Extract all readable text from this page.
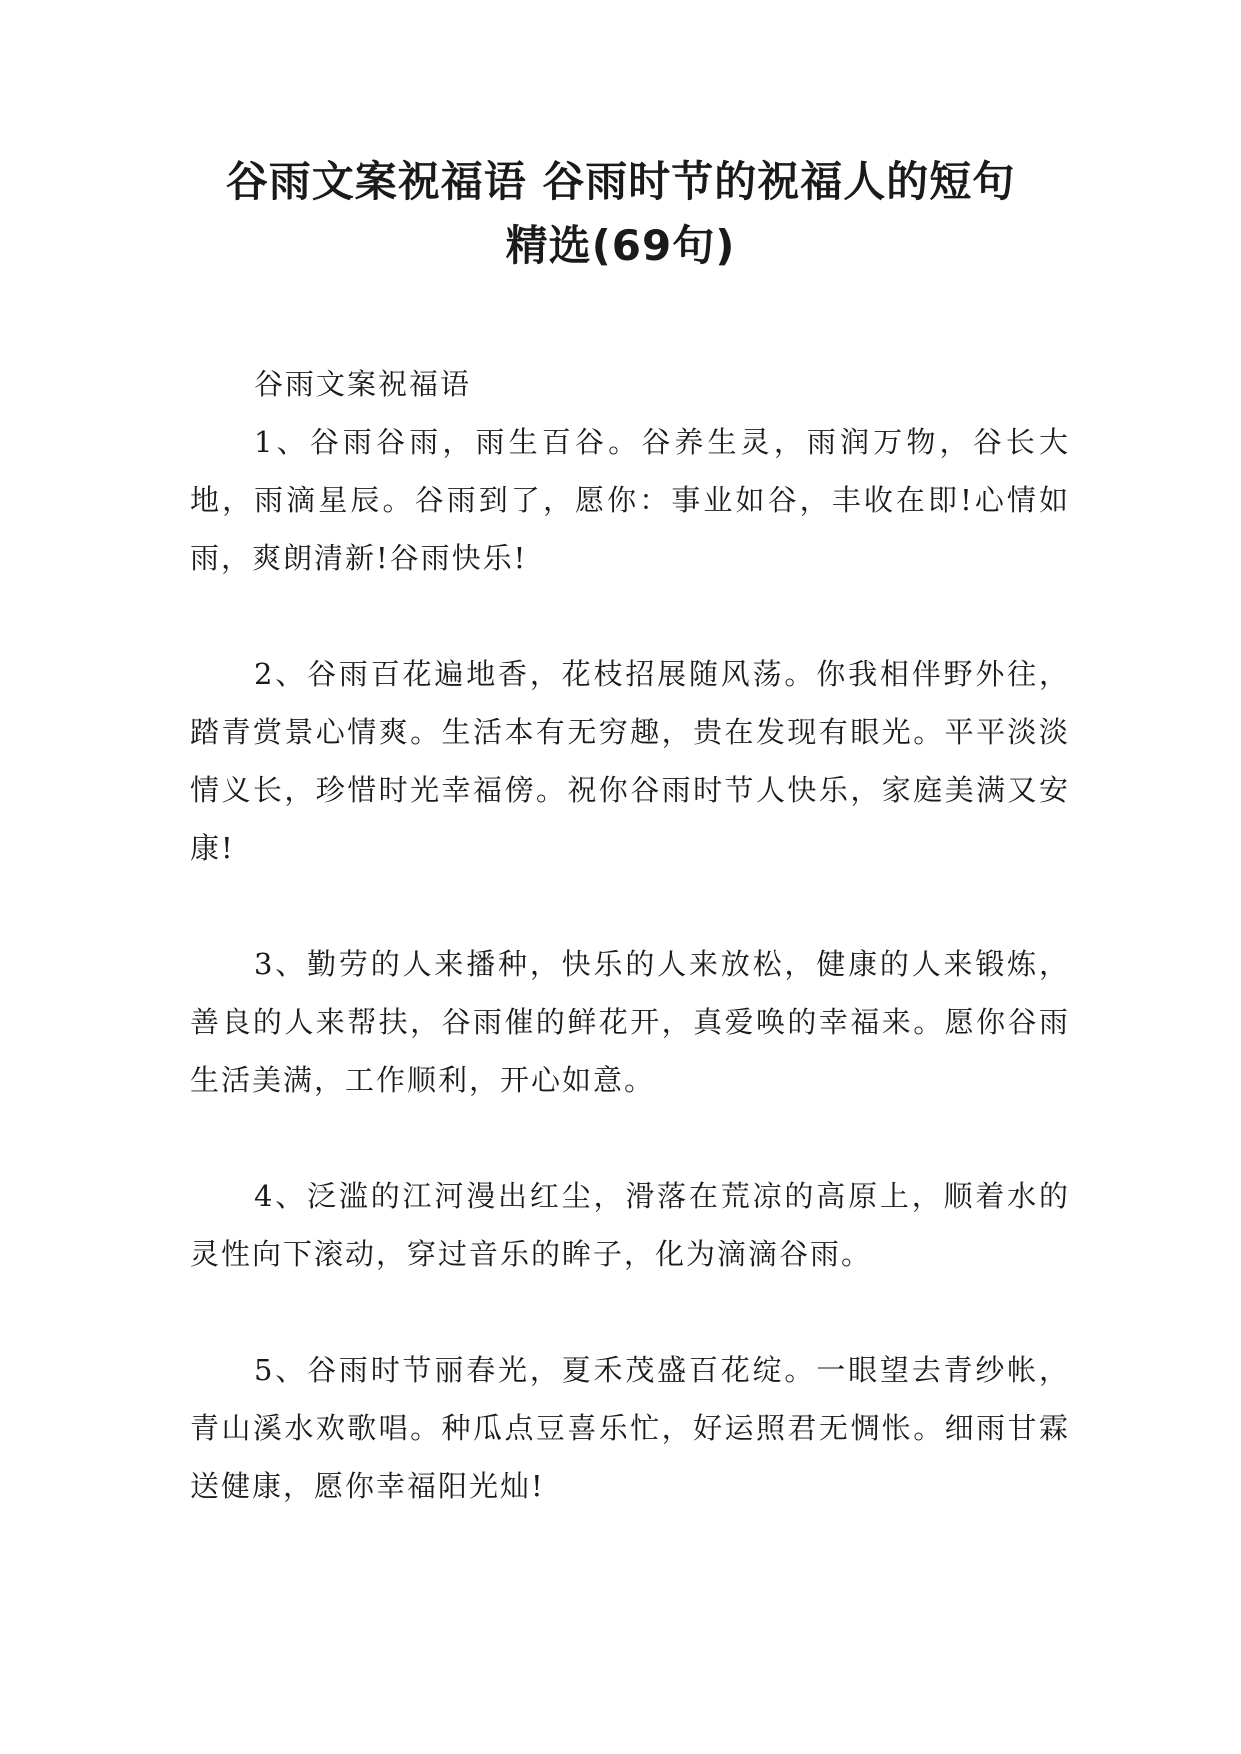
谷雨文案祝福语 谷雨时节的祝福人的短句
精选(69句)

谷雨文案祝福语

1、谷雨谷雨，雨生百谷。谷养生灵，雨润万物，谷长大地，雨滴星辰。谷雨到了，愿你：事业如谷，丰收在即!心情如雨，爽朗清新!谷雨快乐!

2、谷雨百花遍地香，花枝招展随风荡。你我相伴野外往，踏青赏景心情爽。生活本有无穷趣，贵在发现有眼光。平平淡淡情义长，珍惜时光幸福傍。祝你谷雨时节人快乐，家庭美满又安康!

3、勤劳的人来播种，快乐的人来放松，健康的人来锻炼，善良的人来帮扶，谷雨催的鲜花开，真爱唤的幸福来。愿你谷雨生活美满，工作顺利，开心如意。

4、泛滥的江河漫出红尘，滑落在荒凉的高原上，顺着水的灵性向下滚动，穿过音乐的眸子，化为滴滴谷雨。

5、谷雨时节丽春光，夏禾茂盛百花绽。一眼望去青纱帐，青山溪水欢歌唱。种瓜点豆喜乐忙，好运照君无惆怅。细雨甘霖送健康，愿你幸福阳光灿!
